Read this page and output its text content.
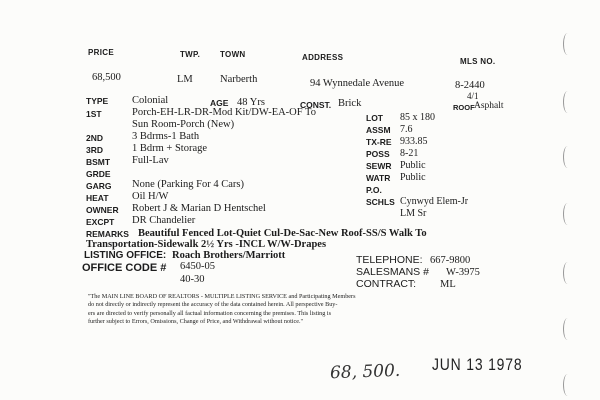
PRICE	TWP. TOWN	ADDRESS	MLS NO.
68,500	LM	Narberth	94 Wynnedale Avenue	8-2440
4/1
TYPE Colonial	AGE 48 Yrs	CONST. Brick	ROOF Asphalt
1ST	Porch-EH-LR-DR-Mod Kit/DW-EA-OF To
Sun Room-Porch (New)
2ND	3 Bdrms-1 Bath
3RD	1 Bdrm + Storage
BSMT Full-Lav
GRDE
GARG None (Parking For 4 Cars)
HEAT Oil H/W
OWNER Robert J & Marian D Hentschel
EXCPT DR Chandelier
REMARKS Beautiful Fenced Lot-Quiet Cul-De-Sac-New Roof-SS/S Walk To
Transportation-Sidewalk 2½ Yrs -INCL W/W-Drapes
LOT 85 x 180
ASSM 7.6
TX-RE 933.85
POSS 8-21
SEWR Public
WATR Public
P.O.
SCHLS Cynwyd Elem-Jr
LM Sr
LISTING OFFICE: Roach Brothers/Marriott
OFFICE CODE # 6450-05
40-30
TELEPHONE: 667-9800
SALESMANS # W-3975
CONTRACT: ML
"The MAIN LINE BOARD OF REALTORS - MULTIPLE LISTING SERVICE and Participating Members
do not directly or indirectly represent the accuracy of the data contained herein. All perspective Buy-
ers are directed to verify personally all factual information concerning the premises. This listing is
further subject to Errors, Omissions, Change of Price, and Withdrawal without notice."
JUN 13 1978
68, 500.
